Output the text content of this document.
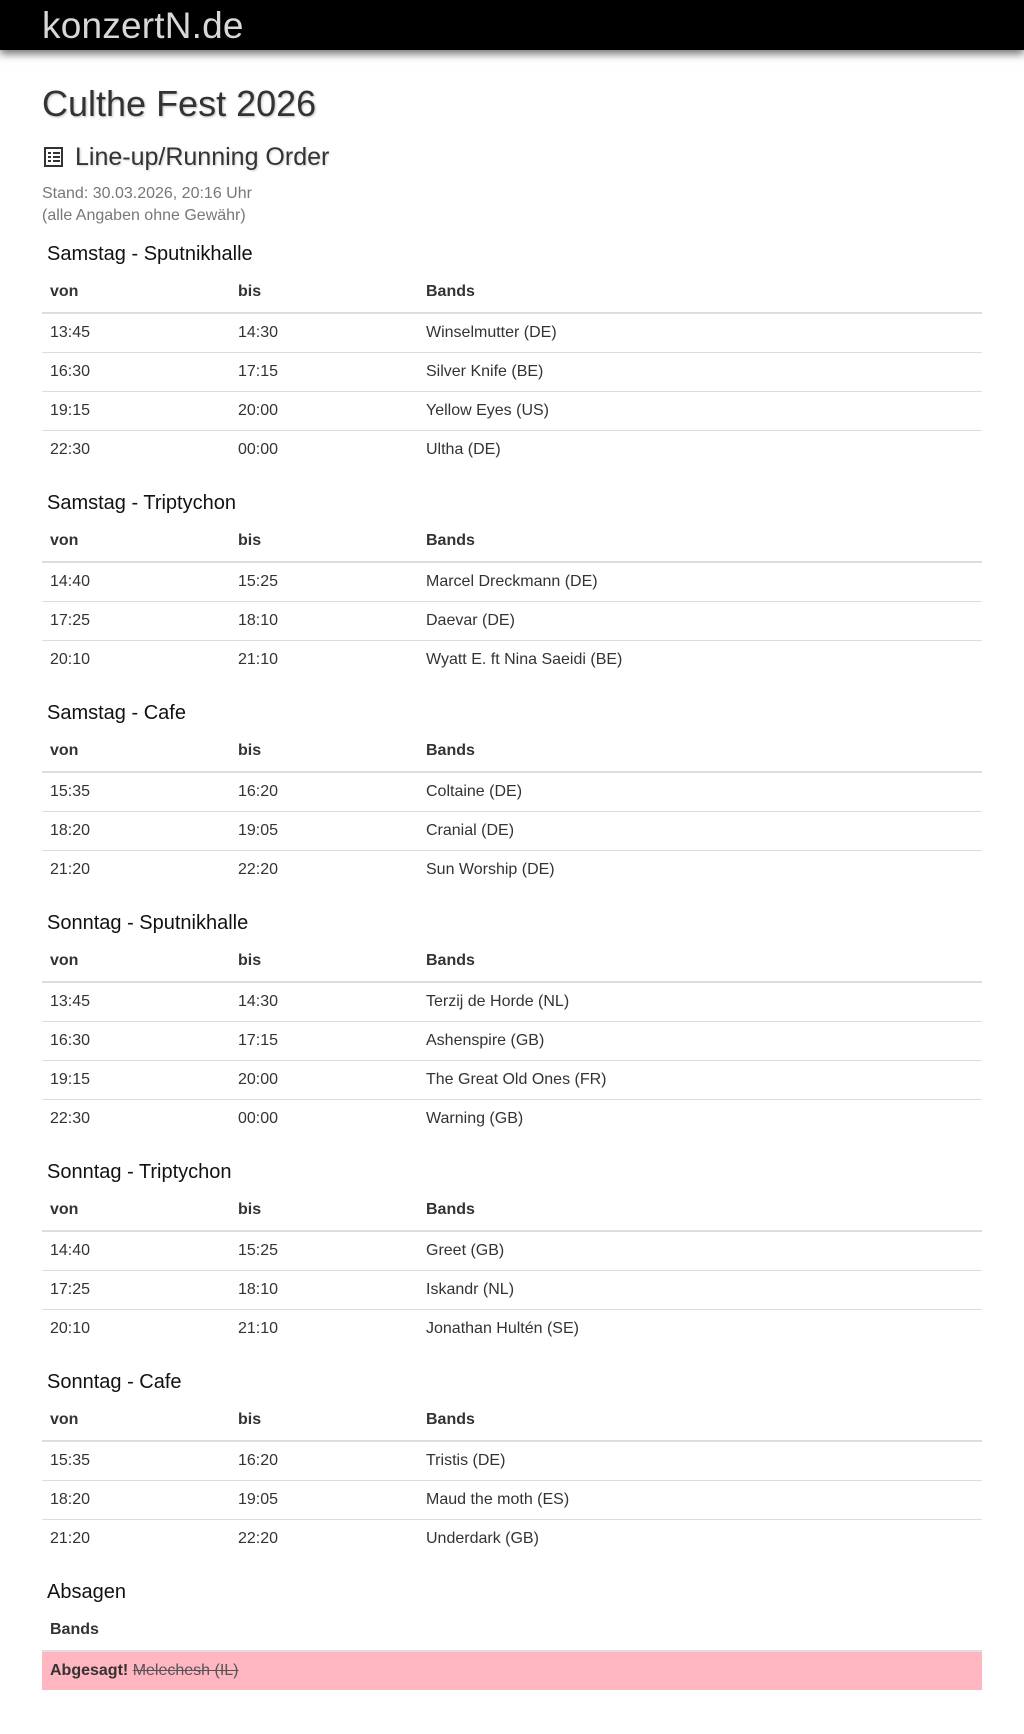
konzertN.de
Culthe Fest 2026
Line-up/Running Order
Stand: 30.03.2026, 20:16 Uhr
(alle Angaben ohne Gewähr)
Samstag - Sputnikhalle
von	bis	Bands
13:45	14:30	Winselmutter (DE)
16:30	17:15	Silver Knife (BE)
19:15	20:00	Yellow Eyes (US)
22:30	00:00	Ultha (DE)
Samstag - Triptychon
von	bis	Bands
14:40	15:25	Marcel Dreckmann (DE)
17:25	18:10	Daevar (DE)
20:10	21:10	Wyatt E. ft Nina Saeidi (BE)
Samstag - Cafe
von	bis	Bands
15:35	16:20	Coltaine (DE)
18:20	19:05	Cranial (DE)
21:20	22:20	Sun Worship (DE)
Sonntag - Sputnikhalle
von	bis	Bands
13:45	14:30	Terzij de Horde (NL)
16:30	17:15	Ashenspire (GB)
19:15	20:00	The Great Old Ones (FR)
22:30	00:00	Warning (GB)
Sonntag - Triptychon
von	bis	Bands
14:40	15:25	Greet (GB)
17:25	18:10	Iskandr (NL)
20:10	21:10	Jonathan Hultén (SE)
Sonntag - Cafe
von	bis	Bands
15:35	16:20	Tristis (DE)
18:20	19:05	Maud the moth (ES)
21:20	22:20	Underdark (GB)
Absagen
Bands
Abgesagt! Melechesh (IL)
